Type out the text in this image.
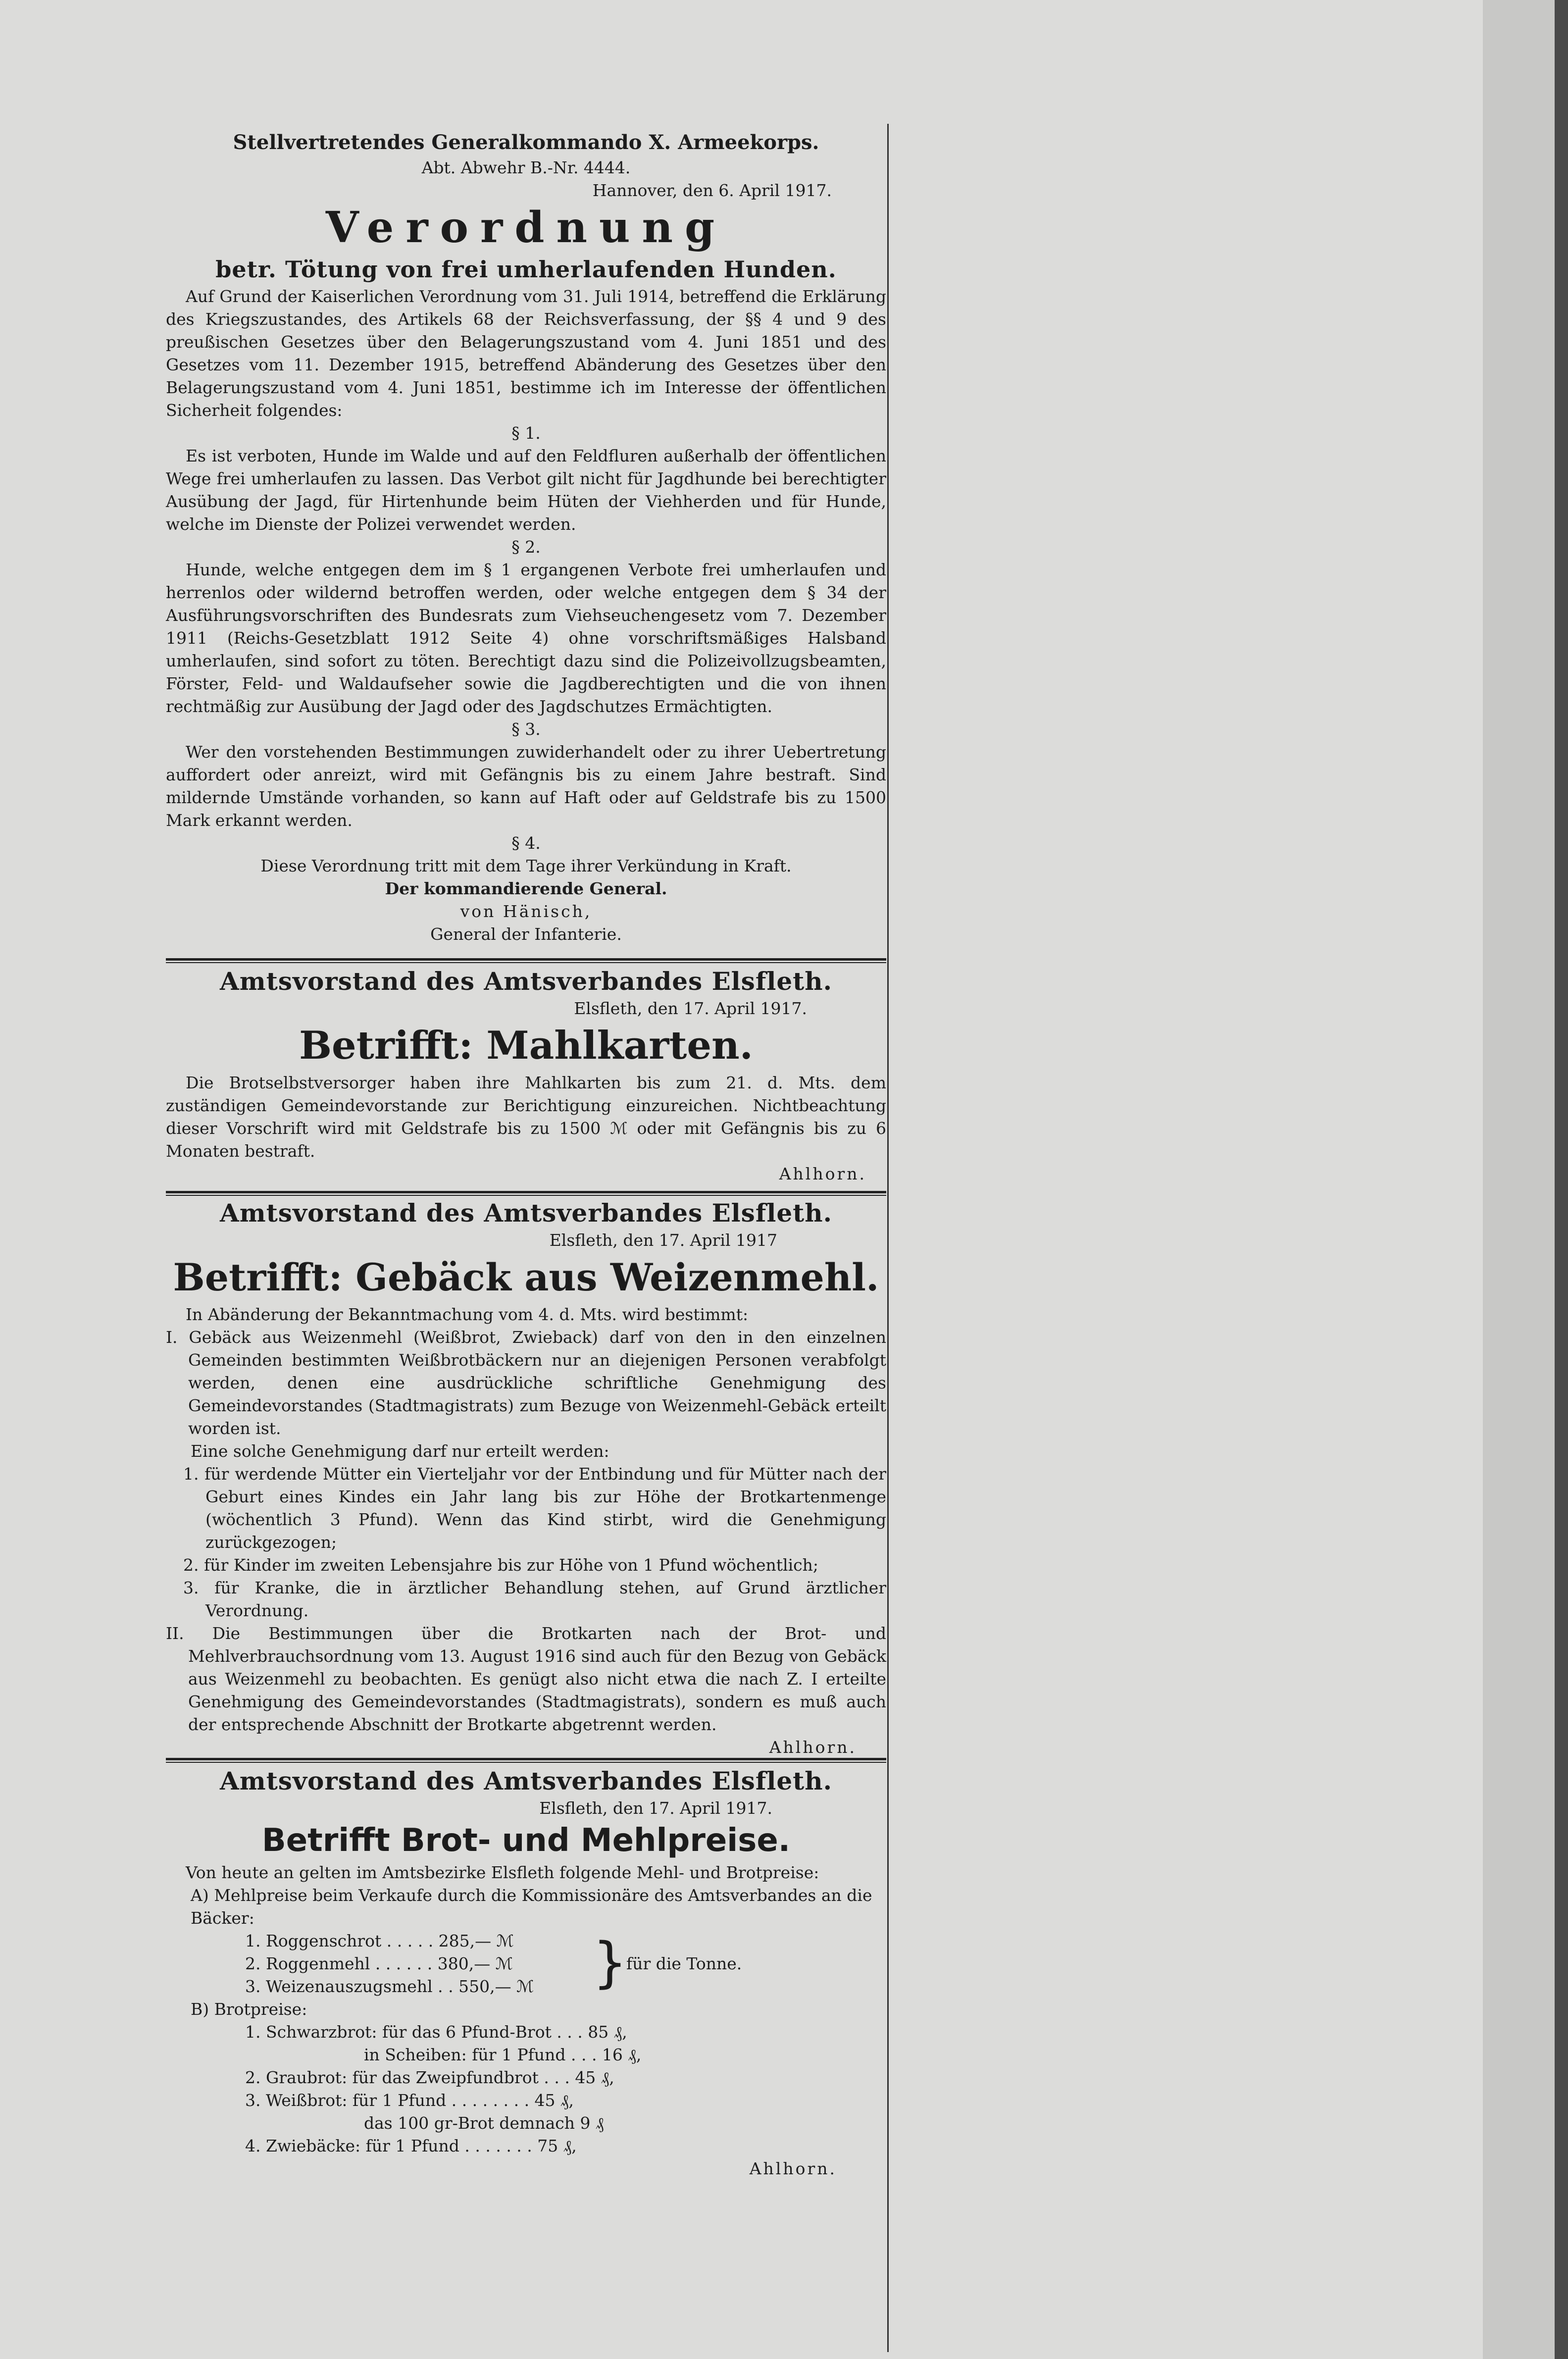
Stellvertretendes Generalkommando X. Armeekorps.

Abt. Abwehr B.-Nr. 4444.

Hannover, den 6. April 1917.

Verordnung

betr. Tötung von frei umherlaufenden Hunden.

Auf Grund der Kaiserlichen Verordnung vom 31. Juli 1914, betreffend die Erklärung des Kriegszustandes, des Artikels 68 der Reichsverfassung, der §§ 4 und 9 des preußischen Gesetzes über den Belagerungszustand vom 4. Juni 1851 und des Gesetzes vom 11. Dezember 1915, betreffend Abänderung des Gesetzes über den Belagerungszustand vom 4. Juni 1851, bestimme ich im Interesse der öffentlichen Sicherheit folgendes:

§ 1.

Es ist verboten, Hunde im Walde und auf den Feldfluren außerhalb der öffentlichen Wege frei umherlaufen zu lassen. Das Verbot gilt nicht für Jagdhunde bei berechtigter Ausübung der Jagd, für Hirtenhunde beim Hüten der Viehherden und für Hunde, welche im Dienste der Polizei verwendet werden.

§ 2.

Hunde, welche entgegen dem im § 1 ergangenen Verbote frei umherlaufen und herrenlos oder wildernd betroffen werden, oder welche entgegen dem § 34 der Ausführungsvorschriften des Bundesrats zum Viehseuchengesetz vom 7. Dezember 1911 (Reichs-Gesetzblatt 1912 Seite 4) ohne vorschriftsmäßiges Halsband umherlaufen, sind sofort zu töten. Berechtigt dazu sind die Polizeivollzugsbeamten, Förster, Feld- und Waldaufseher sowie die Jagdberechtigten und die von ihnen rechtmäßig zur Ausübung der Jagd oder des Jagdschutzes Ermächtigten.

§ 3.

Wer den vorstehenden Bestimmungen zuwiderhandelt oder zu ihrer Uebertretung auffordert oder anreizt, wird mit Gefängnis bis zu einem Jahre bestraft. Sind mildernde Umstände vorhanden, so kann auf Haft oder auf Geldstrafe bis zu 1500 Mark erkannt werden.

§ 4.

Diese Verordnung tritt mit dem Tage ihrer Verkündung in Kraft.

Der kommandierende General.

von Hänisch,

General der Infanterie.

Amtsvorstand des Amtsverbandes Elsfleth.

Elsfleth, den 17. April 1917.

Betrifft: Mahlkarten.

Die Brotselbstversorger haben ihre Mahlkarten bis zum 21. d. Mts. dem zuständigen Gemeindevorstande zur Berichtigung einzureichen. Nichtbeachtung dieser Vorschrift wird mit Geldstrafe bis zu 1500 ℳ oder mit Gefängnis bis zu 6 Monaten bestraft.

Ahlhorn.

Amtsvorstand des Amtsverbandes Elsfleth.

Elsfleth, den 17. April 1917

Betrifft: Gebäck aus Weizenmehl.

In Abänderung der Bekanntmachung vom 4. d. Mts. wird bestimmt:

I. Gebäck aus Weizenmehl (Weißbrot, Zwieback) darf von den in den einzelnen Gemeinden bestimmten Weißbrotbäckern nur an diejenigen Personen verabfolgt werden, denen eine ausdrückliche schriftliche Genehmigung des Gemeindevorstandes (Stadtmagistrats) zum Bezuge von Weizenmehl-Gebäck erteilt worden ist.

Eine solche Genehmigung darf nur erteilt werden:

1. für werdende Mütter ein Vierteljahr vor der Entbindung und für Mütter nach der Geburt eines Kindes ein Jahr lang bis zur Höhe der Brotkartenmenge (wöchentlich 3 Pfund). Wenn das Kind stirbt, wird die Genehmigung zurückgezogen;

2. für Kinder im zweiten Lebensjahre bis zur Höhe von 1 Pfund wöchentlich;

3. für Kranke, die in ärztlicher Behandlung stehen, auf Grund ärztlicher Verordnung.

II. Die Bestimmungen über die Brotkarten nach der Brot- und Mehlverbrauchsordnung vom 13. August 1916 sind auch für den Bezug von Gebäck aus Weizenmehl zu beobachten. Es genügt also nicht etwa die nach Z. I erteilte Genehmigung des Gemeindevorstandes (Stadtmagistrats), sondern es muß auch der entsprechende Abschnitt der Brotkarte abgetrennt werden.

Ahlhorn.

Amtsvorstand des Amtsverbandes Elsfleth.

Elsfleth, den 17. April 1917.

Betrifft Brot- und Mehlpreise.

Von heute an gelten im Amtsbezirke Elsfleth folgende Mehl- und Brotpreise:

A) Mehlpreise beim Verkaufe durch die Kommissionäre des Amtsverbandes an die Bäcker:

1. Roggenschrot . . . . . 285,— ℳ

2. Roggenmehl . . . . . . 380,— ℳ

3. Weizenauszugsmehl . . 550,— ℳ }

für die Tonne.

B) Brotpreise:

1. Schwarzbrot: für das 6 Pfund-Brot . . . 85 ₰,

in Scheiben: für 1 Pfund . . . 16 ₰,

2. Graubrot: für das Zweipfundbrot . . . 45 ₰,

3. Weißbrot: für 1 Pfund . . . . . . . . 45 ₰,

das 100 gr-Brot demnach 9 ₰

4. Zwiebäcke: für 1 Pfund . . . . . . . 75 ₰,

Ahlhorn.
